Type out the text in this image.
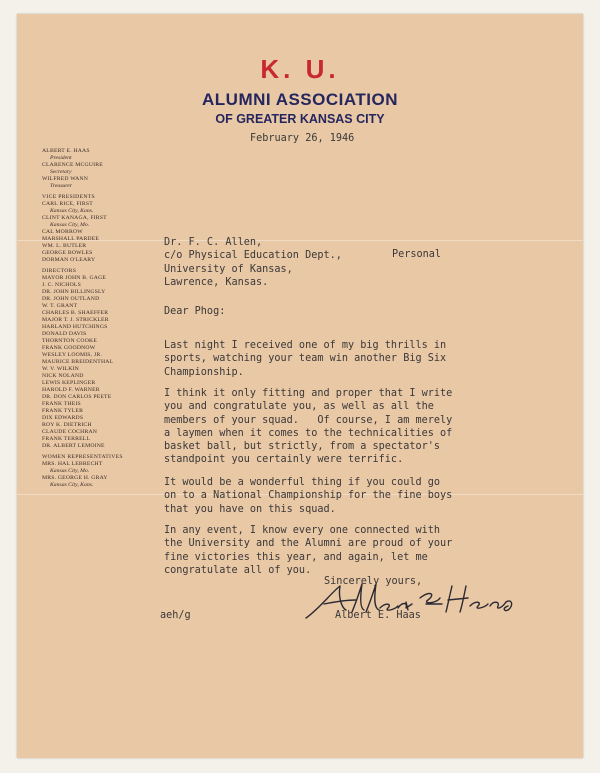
K. U.
ALUMNI ASSOCIATION
OF GREATER KANSAS CITY
ALBERT E. HAAS
President
CLARENCE MCGUIRE
Secretary
WILFRED WANN
Treasurer
VICE PRESIDENTS
CARL RICE, FIRST
Kansas City, Kans.
CLINT KANAGA, FIRST
Kansas City, Mo.
CAL MORROW
MARSHALL PARDEE
WM. L. BUTLER
GEORGE BOWLES
DORMAN O'LEARY
DIRECTORS
MAYOR JOHN B. GAGE
J. C. NICHOLS
DR. JOHN BILLINGSLY
DR. JOHN OUTLAND
W. T. GRANT
CHARLES B. SHAEFFER
MAJOR T. J. STRICKLER
HARLAND HUTCHINGS
DONALD DAVIS
THORNTON COOKE
FRANK GOODNOW
WESLEY LOOMIS, JR.
MAURICE BREIDENTHAL
W. V. WILKIN
NICK NOLAND
LEWIS KEPLINGER
HAROLD F. WARNER
DR. DON CARLOS PEETE
FRANK THEIS
FRANK TYLER
DIX EDWARDS
ROY K. DIETRICH
CLAUDE COCHRAN
FRANK TERRELL
DR. ALBERT LEMOINE
WOMEN REPRESENTATIVES
MRS. HAL LEBRECHT
Kansas City, Mo.
MRS. GEORGE H. GRAY
Kansas City, Kans.
February 26, 1946
Dr. F. C. Allen,
c/o Physical Education Dept.,
University of Kansas,
Lawrence, Kansas.
Personal
Dear Phog:
Last night I received one of my big thrills in
sports, watching your team win another Big Six
Championship.
I think it only fitting and proper that I write
you and congratulate you, as well as all the
members of your squad.   Of course, I am merely
a laymen when it comes to the technicalities of
basket ball, but strictly, from a spectator's
standpoint you certainly were terrific.
It would be a wonderful thing if you could go
on to a National Championship for the fine boys
that you have on this squad.
In any event, I know every one connected with
the University and the Alumni are proud of your
fine victories this year, and again, let me
congratulate all of you.
Sincerely yours,
aeh/g	Albert E. Haas
